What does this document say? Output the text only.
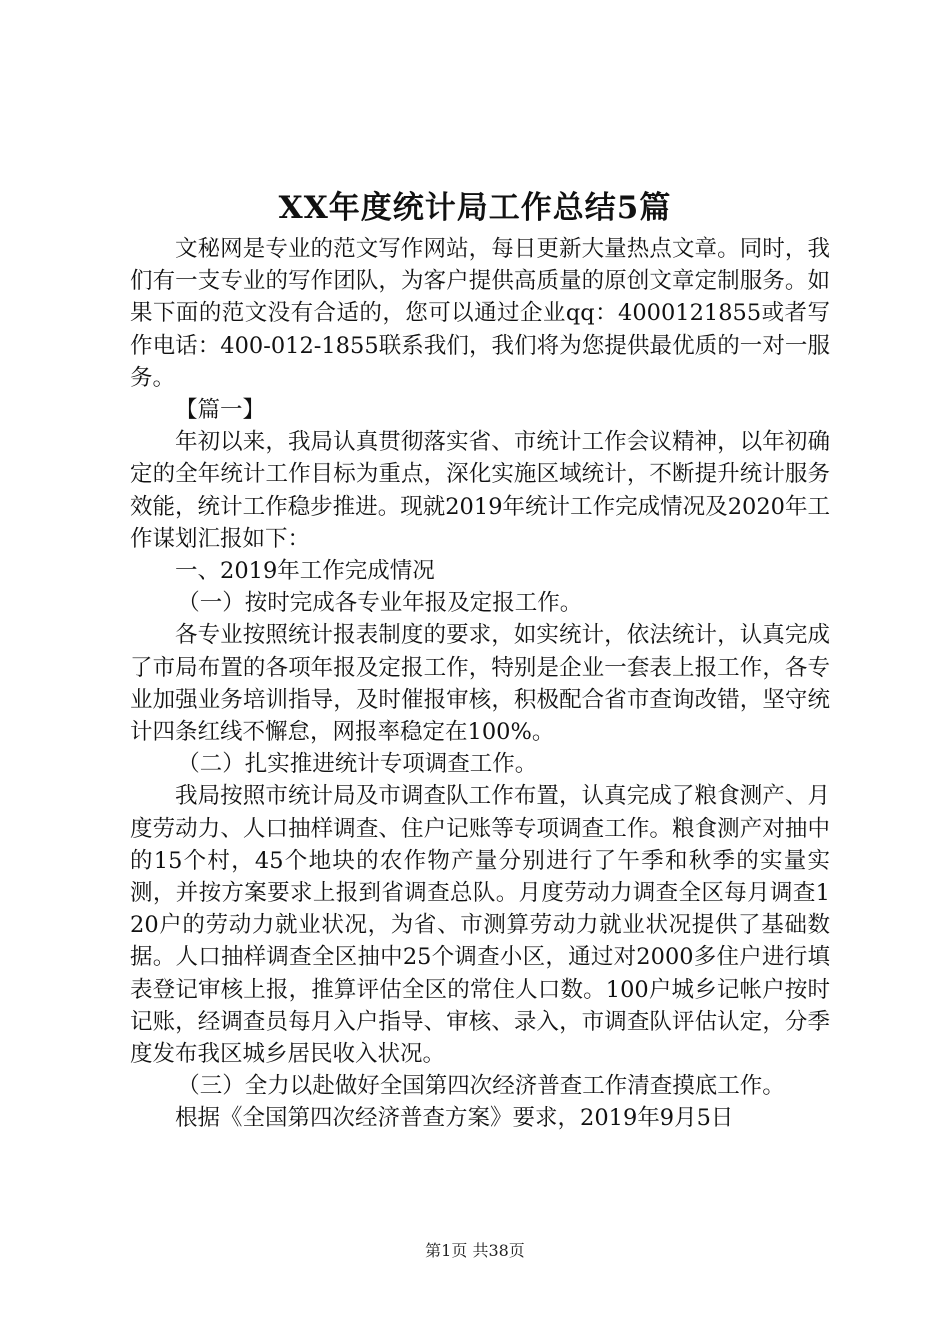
XX年度统计局工作总结5篇

文秘网是专业的范文写作网站，每日更新大量热点文章。同时，我们有一支专业的写作团队，为客户提供高质量的原创文章定制服务。如果下面的范文没有合适的，您可以通过企业qq：4000121855或者写作电话：400-012-1855联系我们，我们将为您提供最优质的一对一服务。

【篇一】

年初以来，我局认真贯彻落实省、市统计工作会议精神，以年初确定的全年统计工作目标为重点，深化实施区域统计，不断提升统计服务效能，统计工作稳步推进。现就2019年统计工作完成情况及2020年工作谋划汇报如下：

一、2019年工作完成情况

（一）按时完成各专业年报及定报工作。

各专业按照统计报表制度的要求，如实统计，依法统计，认真完成了市局布置的各项年报及定报工作，特别是企业一套表上报工作，各专业加强业务培训指导，及时催报审核，积极配合省市查询改错，坚守统计四条红线不懈怠，网报率稳定在100%。

（二）扎实推进统计专项调查工作。

我局按照市统计局及市调查队工作布置，认真完成了粮食测产、月度劳动力、人口抽样调查、住户记账等专项调查工作。粮食测产对抽中的15个村，45个地块的农作物产量分别进行了午季和秋季的实量实测，并按方案要求上报到省调查总队。月度劳动力调查全区每月调查120户的劳动力就业状况，为省、市测算劳动力就业状况提供了基础数据。人口抽样调查全区抽中25个调查小区，通过对2000多住户进行填表登记审核上报，推算评估全区的常住人口数。100户城乡记帐户按时记账，经调查员每月入户指导、审核、录入，市调查队评估认定，分季度发布我区城乡居民收入状况。

（三）全力以赴做好全国第四次经济普查工作清查摸底工作。

根据《全国第四次经济普查方案》要求，2019年9月5日

第1页 共38页
